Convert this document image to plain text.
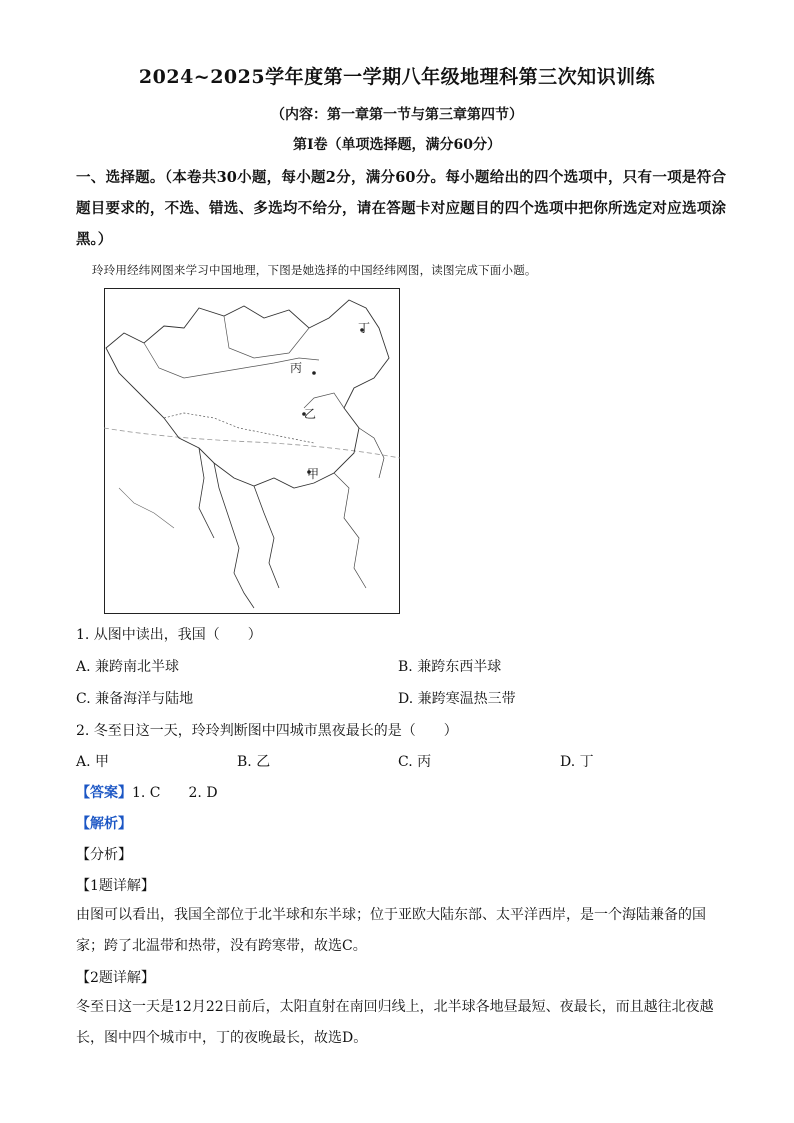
2024~2025学年度第一学期八年级地理科第三次知识训练
（内容：第一章第一节与第三章第四节）
第Ⅰ卷（单项选择题，满分60分）
一、选择题。（本卷共30小题，每小题2分，满分60分。每小题给出的四个选项中，只有一项是符合题目要求的，不选、错选、多选均不给分，请在答题卡对应题目的四个选项中把你所选定对应选项涂黑。）
玲玲用经纬网图来学习中国地理，下图是她选择的中国经纬网图，读图完成下面小题。
丁
丙
乙
甲
1. 从图中读出，我国（　　）
A. 兼跨南北半球	B. 兼跨东西半球
C. 兼备海洋与陆地	D. 兼跨寒温热三带
2. 冬至日这一天，玲玲判断图中四城市黑夜最长的是（　　）
A. 甲	B. 乙	C. 丙	D. 丁
【答案】1. C　　2. D
【解析】
【分析】
【1题详解】
由图可以看出，我国全部位于北半球和东半球；位于亚欧大陆东部、太平洋西岸，是一个海陆兼备的国家；跨了北温带和热带，没有跨寒带，故选C。
【2题详解】
冬至日这一天是12月22日前后，太阳直射在南回归线上，北半球各地昼最短、夜最长，而且越往北夜越长，图中四个城市中，丁的夜晚最长，故选D。
